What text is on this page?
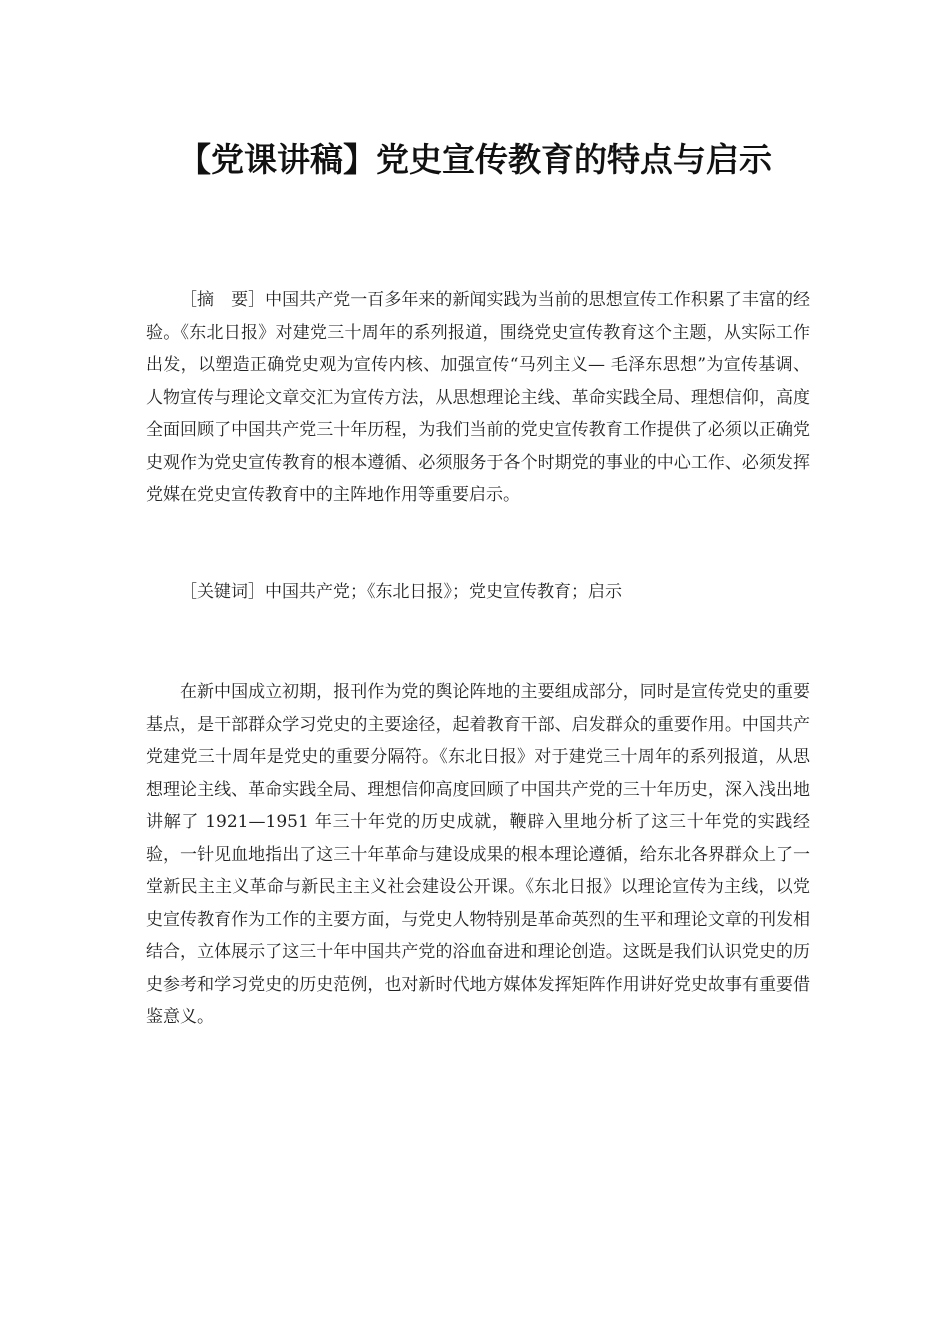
【党课讲稿】党史宣传教育的特点与启示

［摘　要］中国共产党一百多年来的新闻实践为当前的思想宣传工作积累了丰富的经验。《东北日报》对建党三十周年的系列报道，围绕党史宣传教育这个主题，从实际工作出发，以塑造正确党史观为宣传内核、加强宣传“马列主义— 毛泽东思想”为宣传基调、人物宣传与理论文章交汇为宣传方法，从思想理论主线、革命实践全局、理想信仰，高度全面回顾了中国共产党三十年历程，为我们当前的党史宣传教育工作提供了必须以正确党史观作为党史宣传教育的根本遵循、必须服务于各个时期党的事业的中心工作、必须发挥党媒在党史宣传教育中的主阵地作用等重要启示。

［关键词］中国共产党；《东北日报》；党史宣传教育；启示

在新中国成立初期，报刊作为党的舆论阵地的主要组成部分，同时是宣传党史的重要基点，是干部群众学习党史的主要途径，起着教育干部、启发群众的重要作用。中国共产党建党三十周年是党史的重要分隔符。《东北日报》对于建党三十周年的系列报道，从思想理论主线、革命实践全局、理想信仰高度回顾了中国共产党的三十年历史，深入浅出地讲解了 1921—1951 年三十年党的历史成就，鞭辟入里地分析了这三十年党的实践经验，一针见血地指出了这三十年革命与建设成果的根本理论遵循，给东北各界群众上了一堂新民主主义革命与新民主主义社会建设公开课。《东北日报》以理论宣传为主线，以党史宣传教育作为工作的主要方面，与党史人物特别是革命英烈的生平和理论文章的刊发相结合，立体展示了这三十年中国共产党的浴血奋进和理论创造。这既是我们认识党史的历史参考和学习党史的历史范例，也对新时代地方媒体发挥矩阵作用讲好党史故事有重要借鉴意义。
